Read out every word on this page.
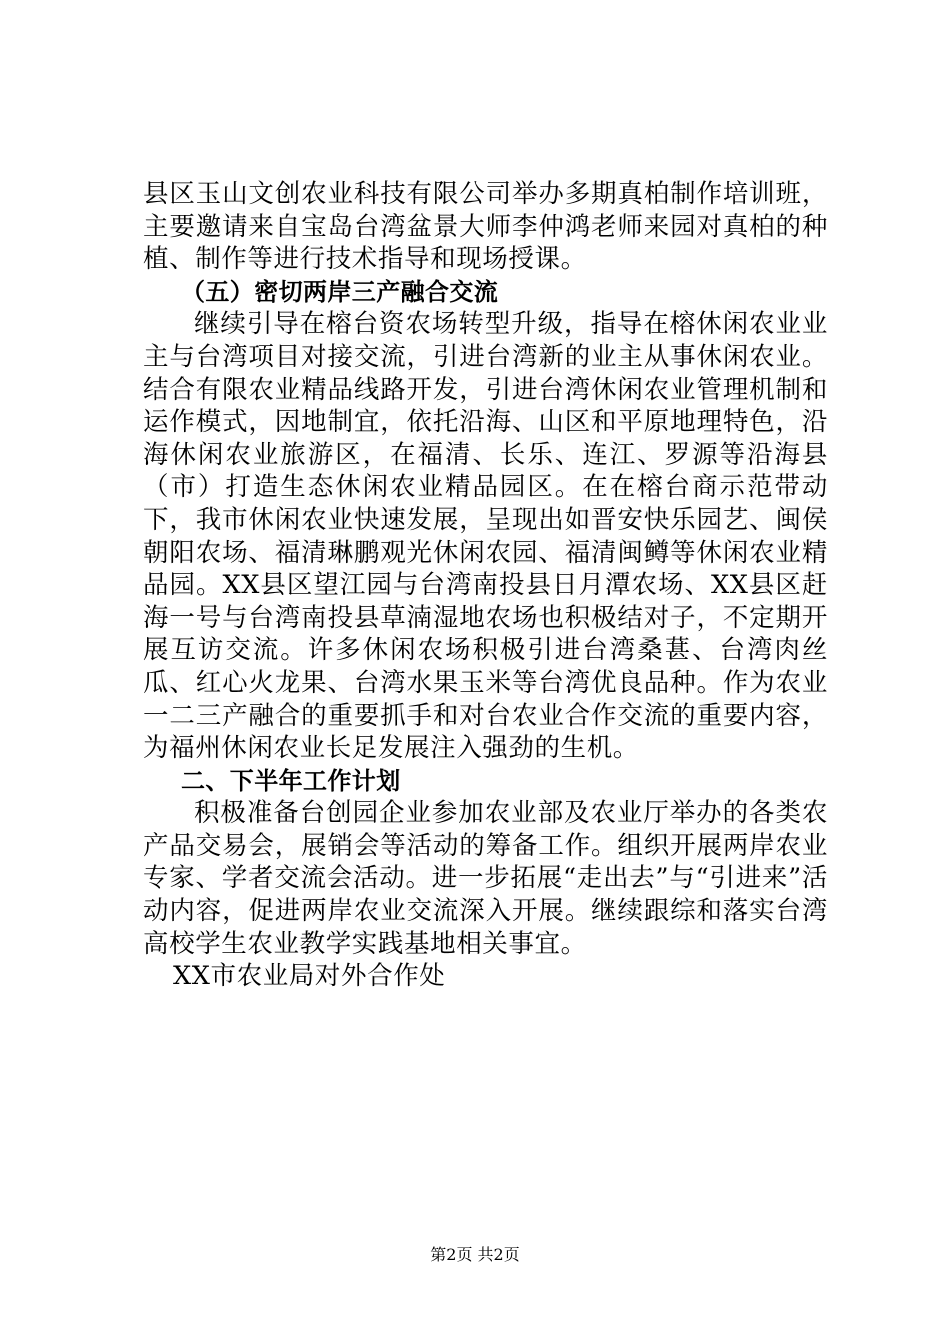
县区玉山文创农业科技有限公司举办多期真柏制作培训班，主要邀请来自宝岛台湾盆景大师李仲鸿老师来园对真柏的种植、制作等进行技术指导和现场授课。

（五）密切两岸三产融合交流

继续引导在榕台资农场转型升级，指导在榕休闲农业业主与台湾项目对接交流，引进台湾新的业主从事休闲农业。结合有限农业精品线路开发，引进台湾休闲农业管理机制和运作模式，因地制宜，依托沿海、山区和平原地理特色，沿海休闲农业旅游区，在福清、长乐、连江、罗源等沿海县（市）打造生态休闲农业精品园区。在在榕台商示范带动下，我市休闲农业快速发展，呈现出如晋安快乐园艺、闽侯朝阳农场、福清琳鹏观光休闲农园、福清闽鳟等休闲农业精品园。XX县区望江园与台湾南投县日月潭农场、XX县区赶海一号与台湾南投县草湳湿地农场也积极结对子，不定期开展互访交流。许多休闲农场积极引进台湾桑葚、台湾肉丝瓜、红心火龙果、台湾水果玉米等台湾优良品种。作为农业一二三产融合的重要抓手和对台农业合作交流的重要内容，为福州休闲农业长足发展注入强劲的生机。

二、下半年工作计划

积极准备台创园企业参加农业部及农业厅举办的各类农产品交易会，展销会等活动的筹备工作。组织开展两岸农业专家、学者交流会活动。进一步拓展“走出去”与“引进来”活动内容，促进两岸农业交流深入开展。继续跟综和落实台湾高校学生农业教学实践基地相关事宜。

XX市农业局对外合作处

第2页 共2页
